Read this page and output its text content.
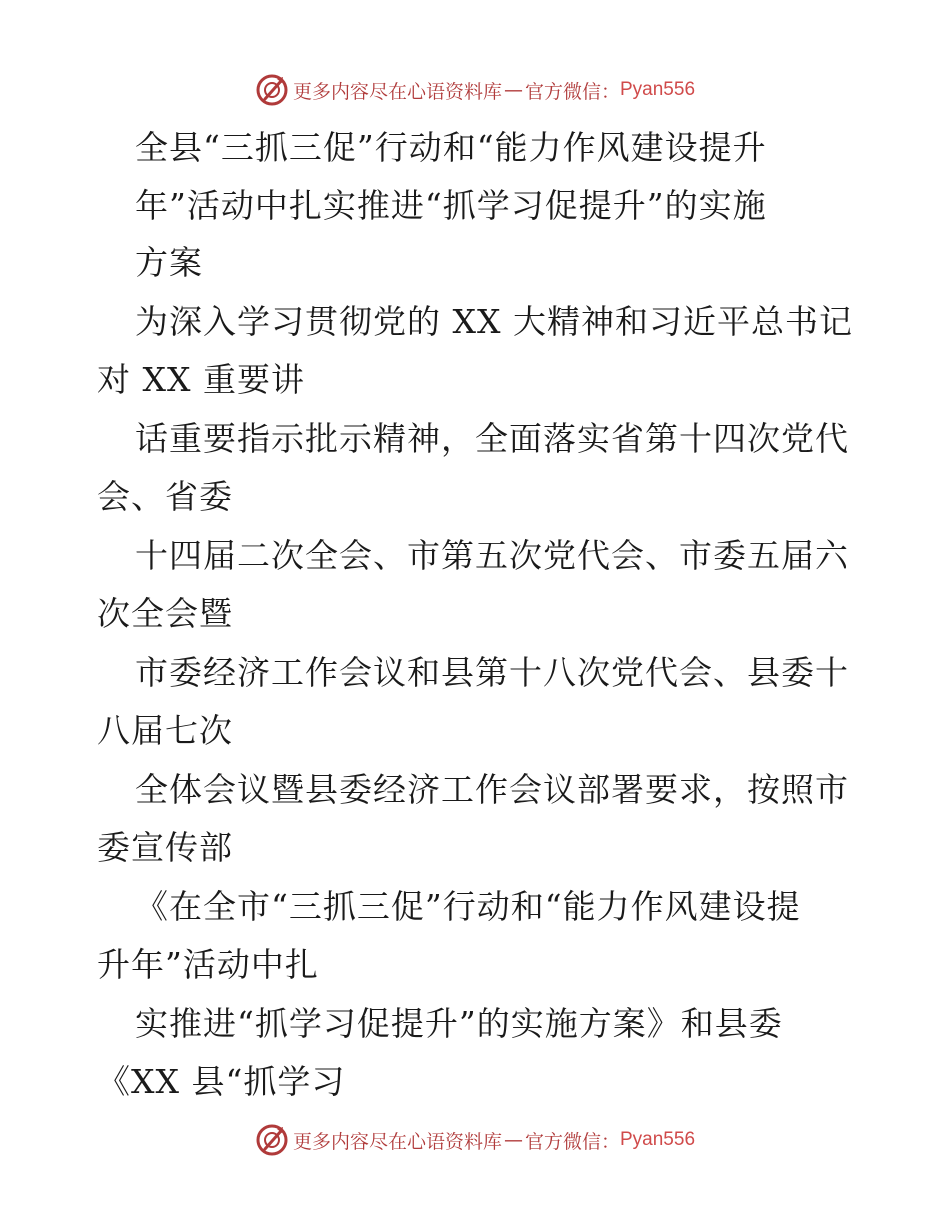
更多内容尽在心语资料库 — 官方微信： Pyan556
全县“三抓三促”行动和“能力作风建设提升
年”活动中扎实推进“抓学习促提升”的实施
方案
为深入学习贯彻党的 XX 大精神和习近平总书记
对 XX 重要讲
话重要指示批示精神，全面落实省第十四次党代
会、省委
十四届二次全会、市第五次党代会、市委五届六
次全会暨
市委经济工作会议和县第十八次党代会、县委十
八届七次
全体会议暨县委经济工作会议部署要求，按照市
委宣传部
《在全市“三抓三促”行动和“能力作风建设提
升年”活动中扎
实推进“抓学习促提升”的实施方案》和县委
《XX 县“抓学习
更多内容尽在心语资料库 — 官方微信： Pyan556
